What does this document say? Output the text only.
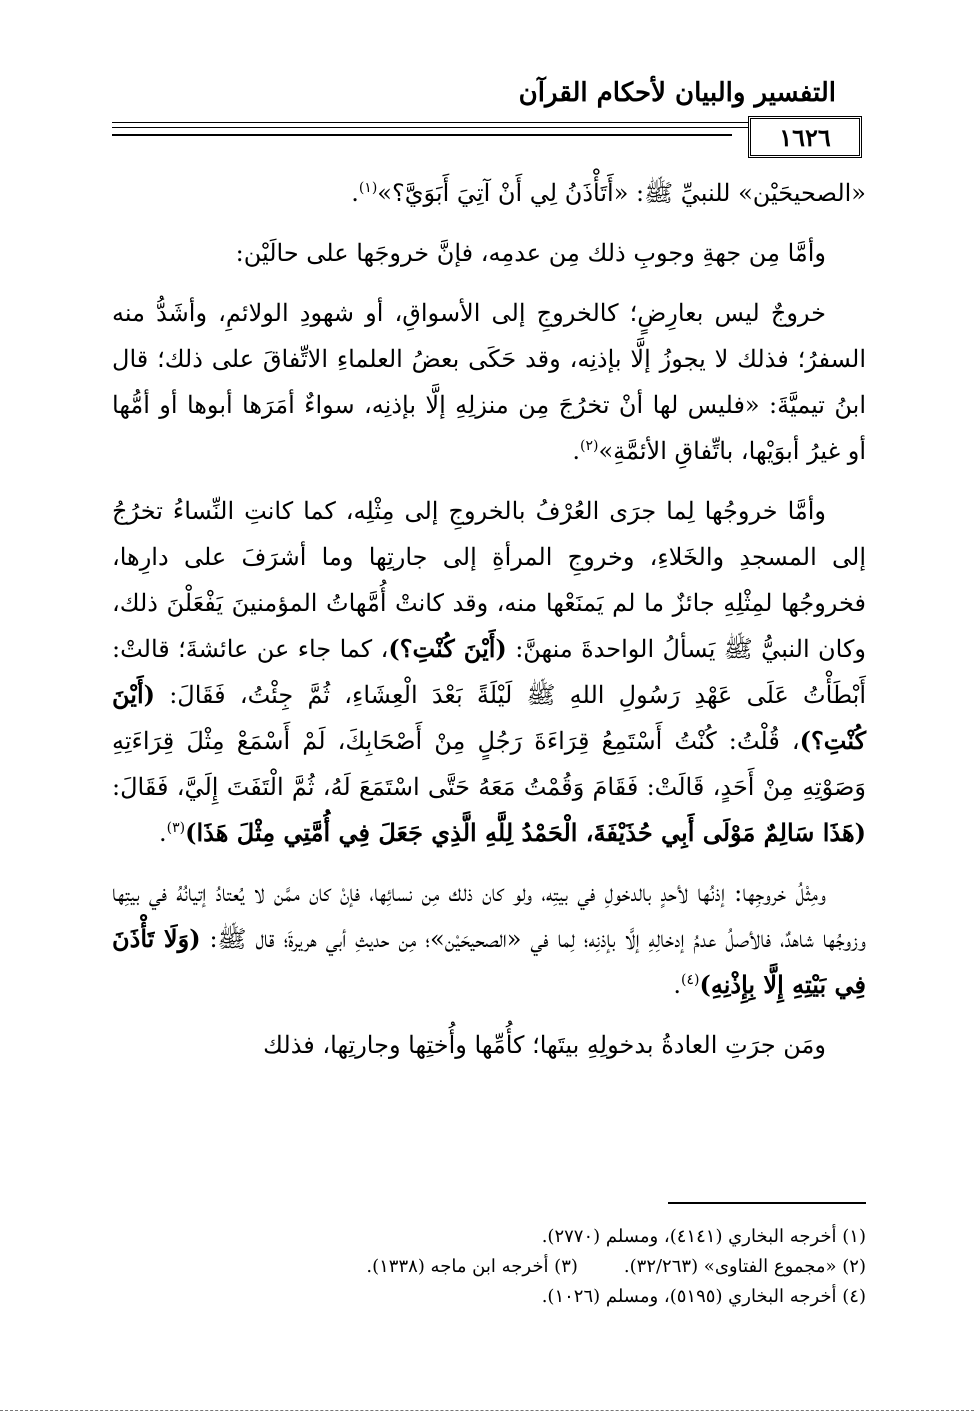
التفسير والبيان لأحكام القرآن
١٦٢٦

«الصحيحَيْن» للنبيِّ ﷺ: «أَتَأْذَنُ لِي أَنْ آتِيَ أَبَوَيَّ؟»$^{(١)}$.

وأمَّا مِن جهةِ وجوبِ ذلك مِن عدمِه، فإنَّ خروجَها على حالَيْن:

خروجٌ ليس بعارِضٍ؛ كالخروجِ إلى الأسواقِ، أو شهودِ الولائمِ، وأشَدُّ منه السفرُ؛ فذلك لا يجوزُ إلَّا بإذنِه، وقد حَكَى بعضُ العلماءِ الاتِّفاقَ على ذلك؛ قال ابنُ تيميَّةَ: «فليس لها أنْ تخرُجَ مِن منزلِهِ إلَّا بإذنِه، سواءٌ أمَرَها أبوها أو أمُّها أو غيرُ أبوَيْها، باتِّفاقِ الأئمَّةِ»$^{(٢)}$.

وأمَّا خروجُها لِما جرَى العُرْفُ بالخروجِ إلى مِثْلِه، كما كانتِ النِّساءُ تخرُجُ إلى المسجدِ والخَلاءِ، وخروجِ المرأةِ إلى جارتِها وما أشرَفَ على دارِها، فخروجُها لمِثْلِهِ جائزٌ ما لم يَمنَعْها منه، وقد كانتْ أُمَّهاتُ المؤمنينَ يَفْعَلْنَ ذلك، وكان النبيُّ ﷺ يَسألُ الواحدةَ منهنَّ: (أَيْنَ كُنْتِ؟)، كما جاء عن عائشةَ؛ قالتْ: أَبْطَأْتُ عَلَى عَهْدِ رَسُولِ اللهِ ﷺ لَيْلَةً بَعْدَ الْعِشَاءِ، ثُمَّ جِئْتُ، فَقَالَ: (أَيْنَ كُنْتِ؟)، قُلْتُ: كُنْتُ أَسْتَمِعُ قِرَاءَةَ رَجُلٍ مِنْ أَصْحَابِكَ، لَمْ أَسْمَعْ مِثْلَ قِرَاءَتِهِ وَصَوْتِهِ مِنْ أَحَدٍ، قَالَتْ: فَقَامَ وَقُمْتُ مَعَهُ حَتَّى اسْتَمَعَ لَهُ، ثُمَّ الْتَفَتَ إِلَيَّ، فَقَالَ: (هَذَا سَالِمٌ مَوْلَى أَبِي حُذَيْفَةَ، الْحَمْدُ لِلَّهِ الَّذِي جَعَلَ فِي أُمَّتِي مِثْلَ هَذَا)$^{(٣)}$.

ومِثْلُ خروجِها: إذنُها لأحدٍ بالدخولِ في بيتِه، ولو كان ذلك مِن نسائِها، فإنْ كان ممَّن لا يُعتادُ إتيانُهُ في بيتِها وزوجُها شاهدٌ، فالأصلُ عدمُ إدخالِهِ إلَّا بإذنِه؛ لِما في «الصحيحَيْن»؛ مِن حديثِ أبي هريرةَ؛ قال ﷺ: (وَلَا تَأْذَنَ فِي بَيْتِهِ إِلَّا بِإِذْنِهِ)$^{(٤)}$.

ومَن جرَتِ العادةُ بدخولِهِ بيتَها؛ كأُمِّها وأُختِها وجارتِها، فذلك

(١) أخرجه البخاري (٤١٤١)، ومسلم (٢٧٧٠).
(٢) «مجموع الفتاوى» (٣٢/٢٦٣).
(٣) أخرجه ابن ماجه (١٣٣٨).
(٤) أخرجه البخاري (٥١٩٥)، ومسلم (١٠٢٦).
